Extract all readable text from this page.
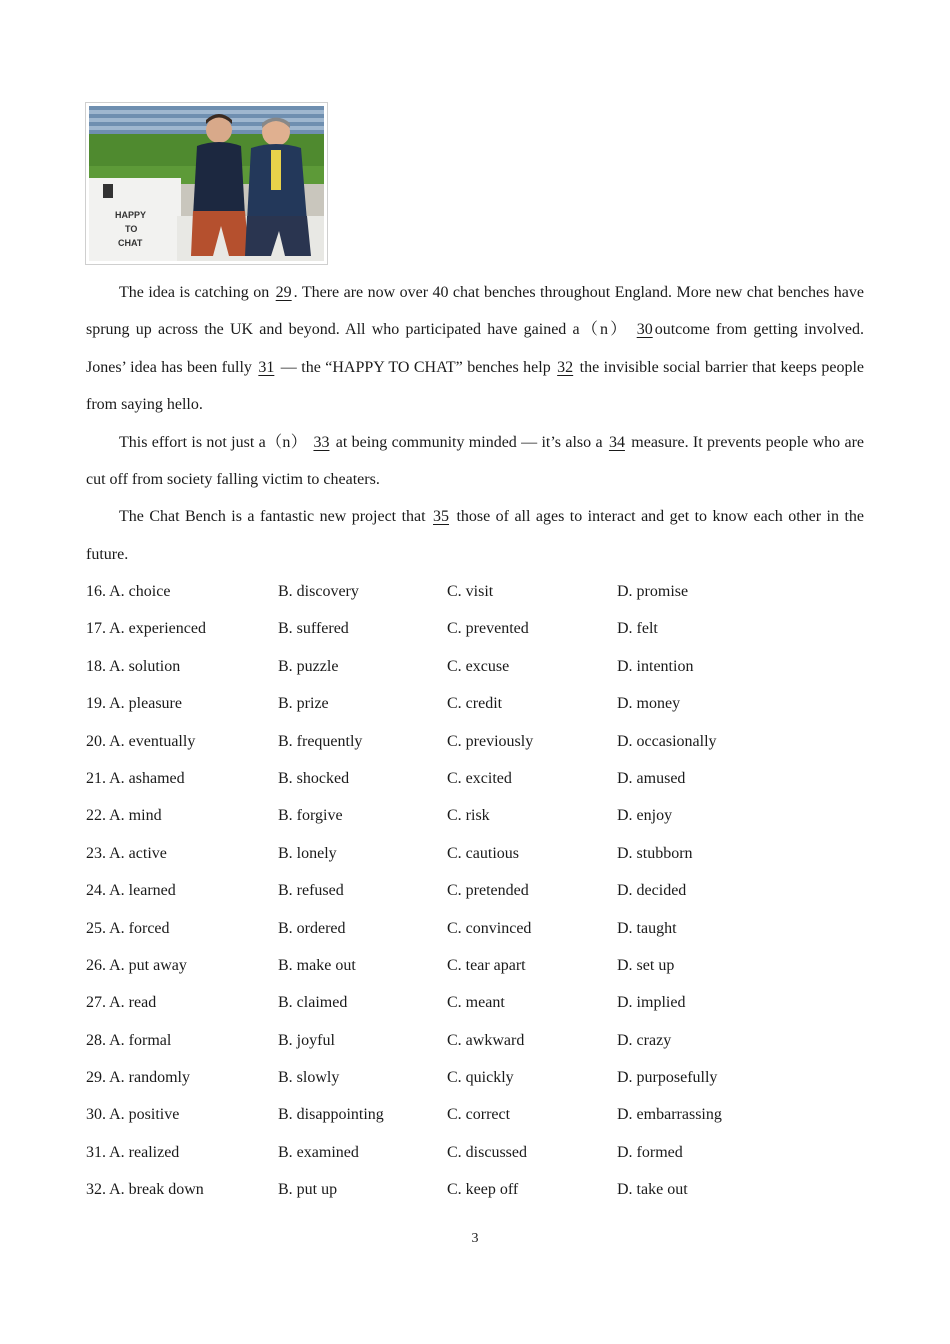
HAPPY
TO
CHAT

The idea is catching on 29 . There are now over 40 chat benches throughout England. More new chat benches have sprung up across the UK and beyond. All who participated have gained a（n） 30 outcome from getting involved. Jones’ idea has been fully 31 — the “HAPPY TO CHAT” benches help 32 the invisible social barrier that keeps people from saying hello.

This effort is not just a（n） 33 at being community minded — it’s also a 34 measure. It prevents people who are cut off from society falling victim to cheaters.

The Chat Bench is a fantastic new project that 35 those of all ages to interact and get to know each other in the future.

16. A. choice	B. discovery	C. visit	D. promise
17. A. experienced	B. suffered	C. prevented	D. felt
18. A. solution	B. puzzle	C. excuse	D. intention
19. A. pleasure	B. prize	C. credit	D. money
20. A. eventually	B. frequently	C. previously	D. occasionally
21. A. ashamed	B. shocked	C. excited	D. amused
22. A. mind	B. forgive	C. risk	D. enjoy
23. A. active	B. lonely	C. cautious	D. stubborn
24. A. learned	B. refused	C. pretended	D. decided
25. A. forced	B. ordered	C. convinced	D. taught
26. A. put away	B. make out	C. tear apart	D. set up
27. A. read	B. claimed	C. meant	D. implied
28. A. formal	B. joyful	C. awkward	D. crazy
29. A. randomly	B. slowly	C. quickly	D. purposefully
30. A. positive	B. disappointing	C. correct	D. embarrassing
31. A. realized	B. examined	C. discussed	D. formed
32. A. break down	B. put up	C. keep off	D. take out
3
